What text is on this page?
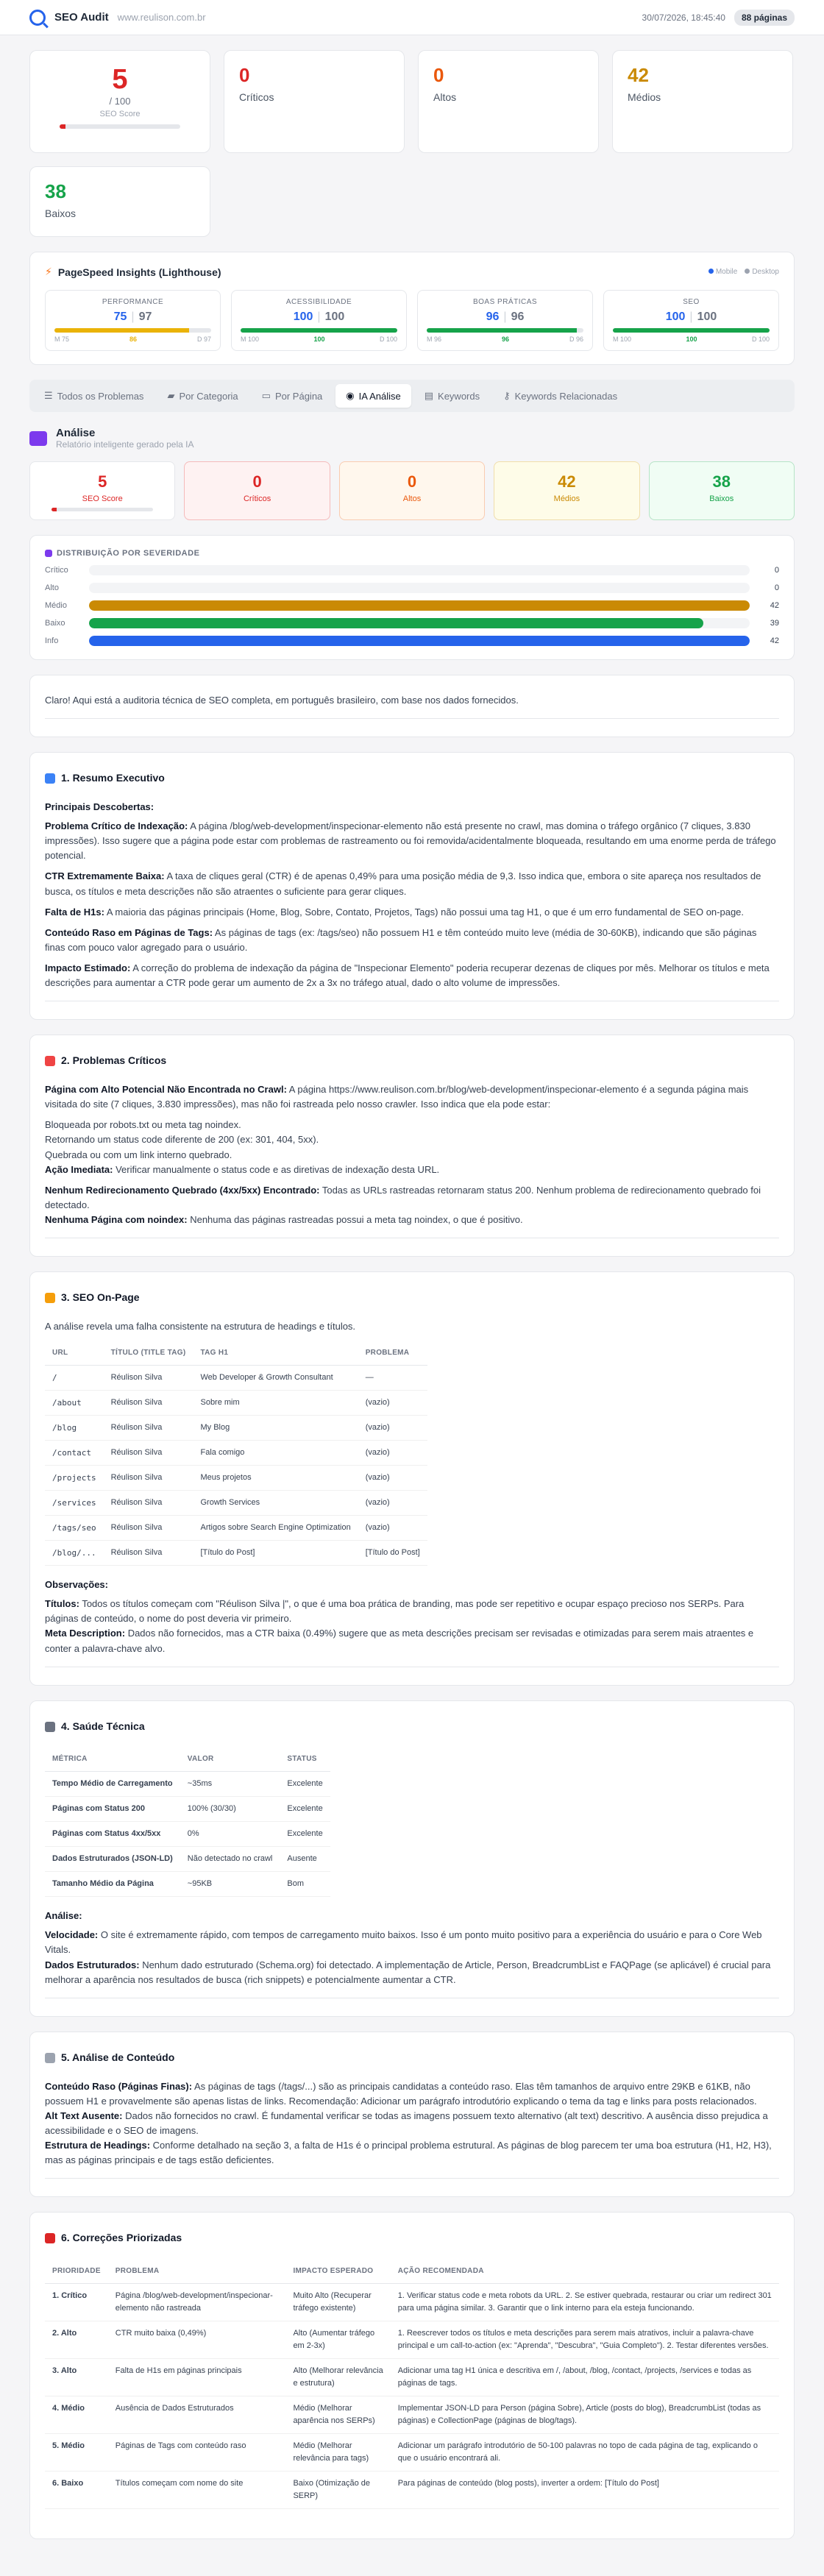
SEO Audit www.reulison.com.br	30/07/2026, 18:45:40	88 páginas
5
/ 100
SEO Score
0
Críticos
0
Altos
42
Médios
38
Baixos
⚡ PageSpeed Insights (Lighthouse)	Mobile	Desktop
PERFORMANCE
75 | 97
M 75	86	D 97
ACESSIBILIDADE
100 | 100
M 100	100	D 100
BOAS PRÁTICAS
96 | 96
M 96	96	D 96
SEO
100 | 100
M 100	100	D 100
☰ Todos os Problemas ▰ Por Categoria ▭ Por Página ◉ IA Análise ▤ Keywords ⚷ Keywords Relacionadas
Análise
Relatório inteligente gerado pela IA
5
SEO Score
0
Críticos
0
Altos
42
Médios
38
Baixos
DISTRIBUIÇÃO POR SEVERIDADE
Crítico	0
Alto	0
Médio	42
Baixo	39
Info	42

Claro! Aqui está a auditoria técnica de SEO completa, em português brasileiro, com base nos dados fornecidos.

1. Resumo Executivo
Principais Descobertas:

Problema Crítico de Indexação: A página /blog/web-development/inspecionar-elemento não está presente no crawl, mas domina o tráfego orgânico (7 cliques, 3.830 impressões). Isso sugere que a página pode estar com problemas de rastreamento ou foi removida/acidentalmente bloqueada, resultando em uma enorme perda de tráfego potencial.

CTR Extremamente Baixa: A taxa de cliques geral (CTR) é de apenas 0,49% para uma posição média de 9,3. Isso indica que, embora o site apareça nos resultados de busca, os títulos e meta descrições não são atraentes o suficiente para gerar cliques.

Falta de H1s: A maioria das páginas principais (Home, Blog, Sobre, Contato, Projetos, Tags) não possui uma tag H1, o que é um erro fundamental de SEO on-page.

Conteúdo Raso em Páginas de Tags: As páginas de tags (ex: /tags/seo) não possuem H1 e têm conteúdo muito leve (média de 30-60KB), indicando que são páginas finas com pouco valor agregado para o usuário.

Impacto Estimado: A correção do problema de indexação da página de "Inspecionar Elemento" poderia recuperar dezenas de cliques por mês. Melhorar os títulos e meta descrições para aumentar a CTR pode gerar um aumento de 2x a 3x no tráfego atual, dado o alto volume de impressões.

2. Problemas Críticos

Página com Alto Potencial Não Encontrada no Crawl: A página https://www.reulison.com.br/blog/web-development/inspecionar-elemento é a segunda página mais visitada do site (7 cliques, 3.830 impressões), mas não foi rastreada pelo nosso crawler. Isso indica que ela pode estar:

Bloqueada por robots.txt ou meta tag noindex.

Retornando um status code diferente de 200 (ex: 301, 404, 5xx).

Quebrada ou com um link interno quebrado.

Ação Imediata: Verificar manualmente o status code e as diretivas de indexação desta URL.

Nenhum Redirecionamento Quebrado (4xx/5xx) Encontrado: Todas as URLs rastreadas retornaram status 200. Nenhum problema de redirecionamento quebrado foi detectado.

Nenhuma Página com noindex: Nenhuma das páginas rastreadas possui a meta tag noindex, o que é positivo.

3. SEO On-Page

A análise revela uma falha consistente na estrutura de headings e títulos.

URL	TÍTULO (TITLE TAG)	TAG H1	PROBLEMA
/	Réulison Silva	Web Developer & Growth Consultant	—
/about	Réulison Silva	Sobre mim	(vazio)
/blog	Réulison Silva	My Blog	(vazio)
/contact	Réulison Silva	Fala comigo	(vazio)
/projects	Réulison Silva	Meus projetos	(vazio)
/services	Réulison Silva	Growth Services	(vazio)
/tags/seo	Réulison Silva	Artigos sobre Search Engine Optimization	(vazio)
/blog/...	Réulison Silva	[Título do Post]	[Título do Post]
Observações:

Títulos: Todos os títulos começam com "Réulison Silva |", o que é uma boa prática de branding, mas pode ser repetitivo e ocupar espaço precioso nos SERPs. Para páginas de conteúdo, o nome do post deveria vir primeiro.

Meta Description: Dados não fornecidos, mas a CTR baixa (0.49%) sugere que as meta descrições precisam ser revisadas e otimizadas para serem mais atraentes e conter a palavra-chave alvo.

4. Saúde Técnica
MÉTRICA	VALOR	STATUS
Tempo Médio de Carregamento	~35ms	Excelente
Páginas com Status 200	100% (30/30)	Excelente
Páginas com Status 4xx/5xx	0%	Excelente
Dados Estruturados (JSON-LD)	Não detectado no crawl	Ausente
Tamanho Médio da Página	~95KB	Bom
Análise:

Velocidade: O site é extremamente rápido, com tempos de carregamento muito baixos. Isso é um ponto muito positivo para a experiência do usuário e para o Core Web Vitals.

Dados Estruturados: Nenhum dado estruturado (Schema.org) foi detectado. A implementação de Article, Person, BreadcrumbList e FAQPage (se aplicável) é crucial para melhorar a aparência nos resultados de busca (rich snippets) e potencialmente aumentar a CTR.

5. Análise de Conteúdo

Conteúdo Raso (Páginas Finas): As páginas de tags (/tags/...) são as principais candidatas a conteúdo raso. Elas têm tamanhos de arquivo entre 29KB e 61KB, não possuem H1 e provavelmente são apenas listas de links. Recomendação: Adicionar um parágrafo introdutório explicando o tema da tag e links para posts relacionados.

Alt Text Ausente: Dados não fornecidos no crawl. É fundamental verificar se todas as imagens possuem texto alternativo (alt text) descritivo. A ausência disso prejudica a acessibilidade e o SEO de imagens.

Estrutura de Headings: Conforme detalhado na seção 3, a falta de H1s é o principal problema estrutural. As páginas de blog parecem ter uma boa estrutura (H1, H2, H3), mas as páginas principais e de tags estão deficientes.

6. Correções Priorizadas
PRIORIDADE	PROBLEMA	IMPACTO ESPERADO	AÇÃO RECOMENDADA
1. Crítico	Página /blog/web-development/inspecionar-elemento não rastreada	Muito Alto (Recuperar tráfego existente)	1. Verificar status code e meta robots da URL. 2. Se estiver quebrada, restaurar ou criar um redirect 301 para uma página similar. 3. Garantir que o link interno para ela esteja funcionando.
2. Alto	CTR muito baixa (0,49%)	Alto (Aumentar tráfego em 2-3x)	1. Reescrever todos os títulos e meta descrições para serem mais atrativos, incluir a palavra-chave principal e um call-to-action (ex: "Aprenda", "Descubra", "Guia Completo"). 2. Testar diferentes versões.
3. Alto	Falta de H1s em páginas principais	Alto (Melhorar relevância e estrutura)	Adicionar uma tag H1 única e descritiva em /, /about, /blog, /contact, /projects, /services e todas as páginas de tags.
4. Médio	Ausência de Dados Estruturados	Médio (Melhorar aparência nos SERPs)	Implementar JSON-LD para Person (página Sobre), Article (posts do blog), BreadcrumbList (todas as páginas) e CollectionPage (páginas de blog/tags).
5. Médio	Páginas de Tags com conteúdo raso	Médio (Melhorar relevância para tags)	Adicionar um parágrafo introdutório de 50-100 palavras no topo de cada página de tag, explicando o que o usuário encontrará ali.
6. Baixo	Títulos começam com nome do site	Baixo (Otimização de SERP)	Para páginas de conteúdo (blog posts), inverter a ordem: [Título do Post]
